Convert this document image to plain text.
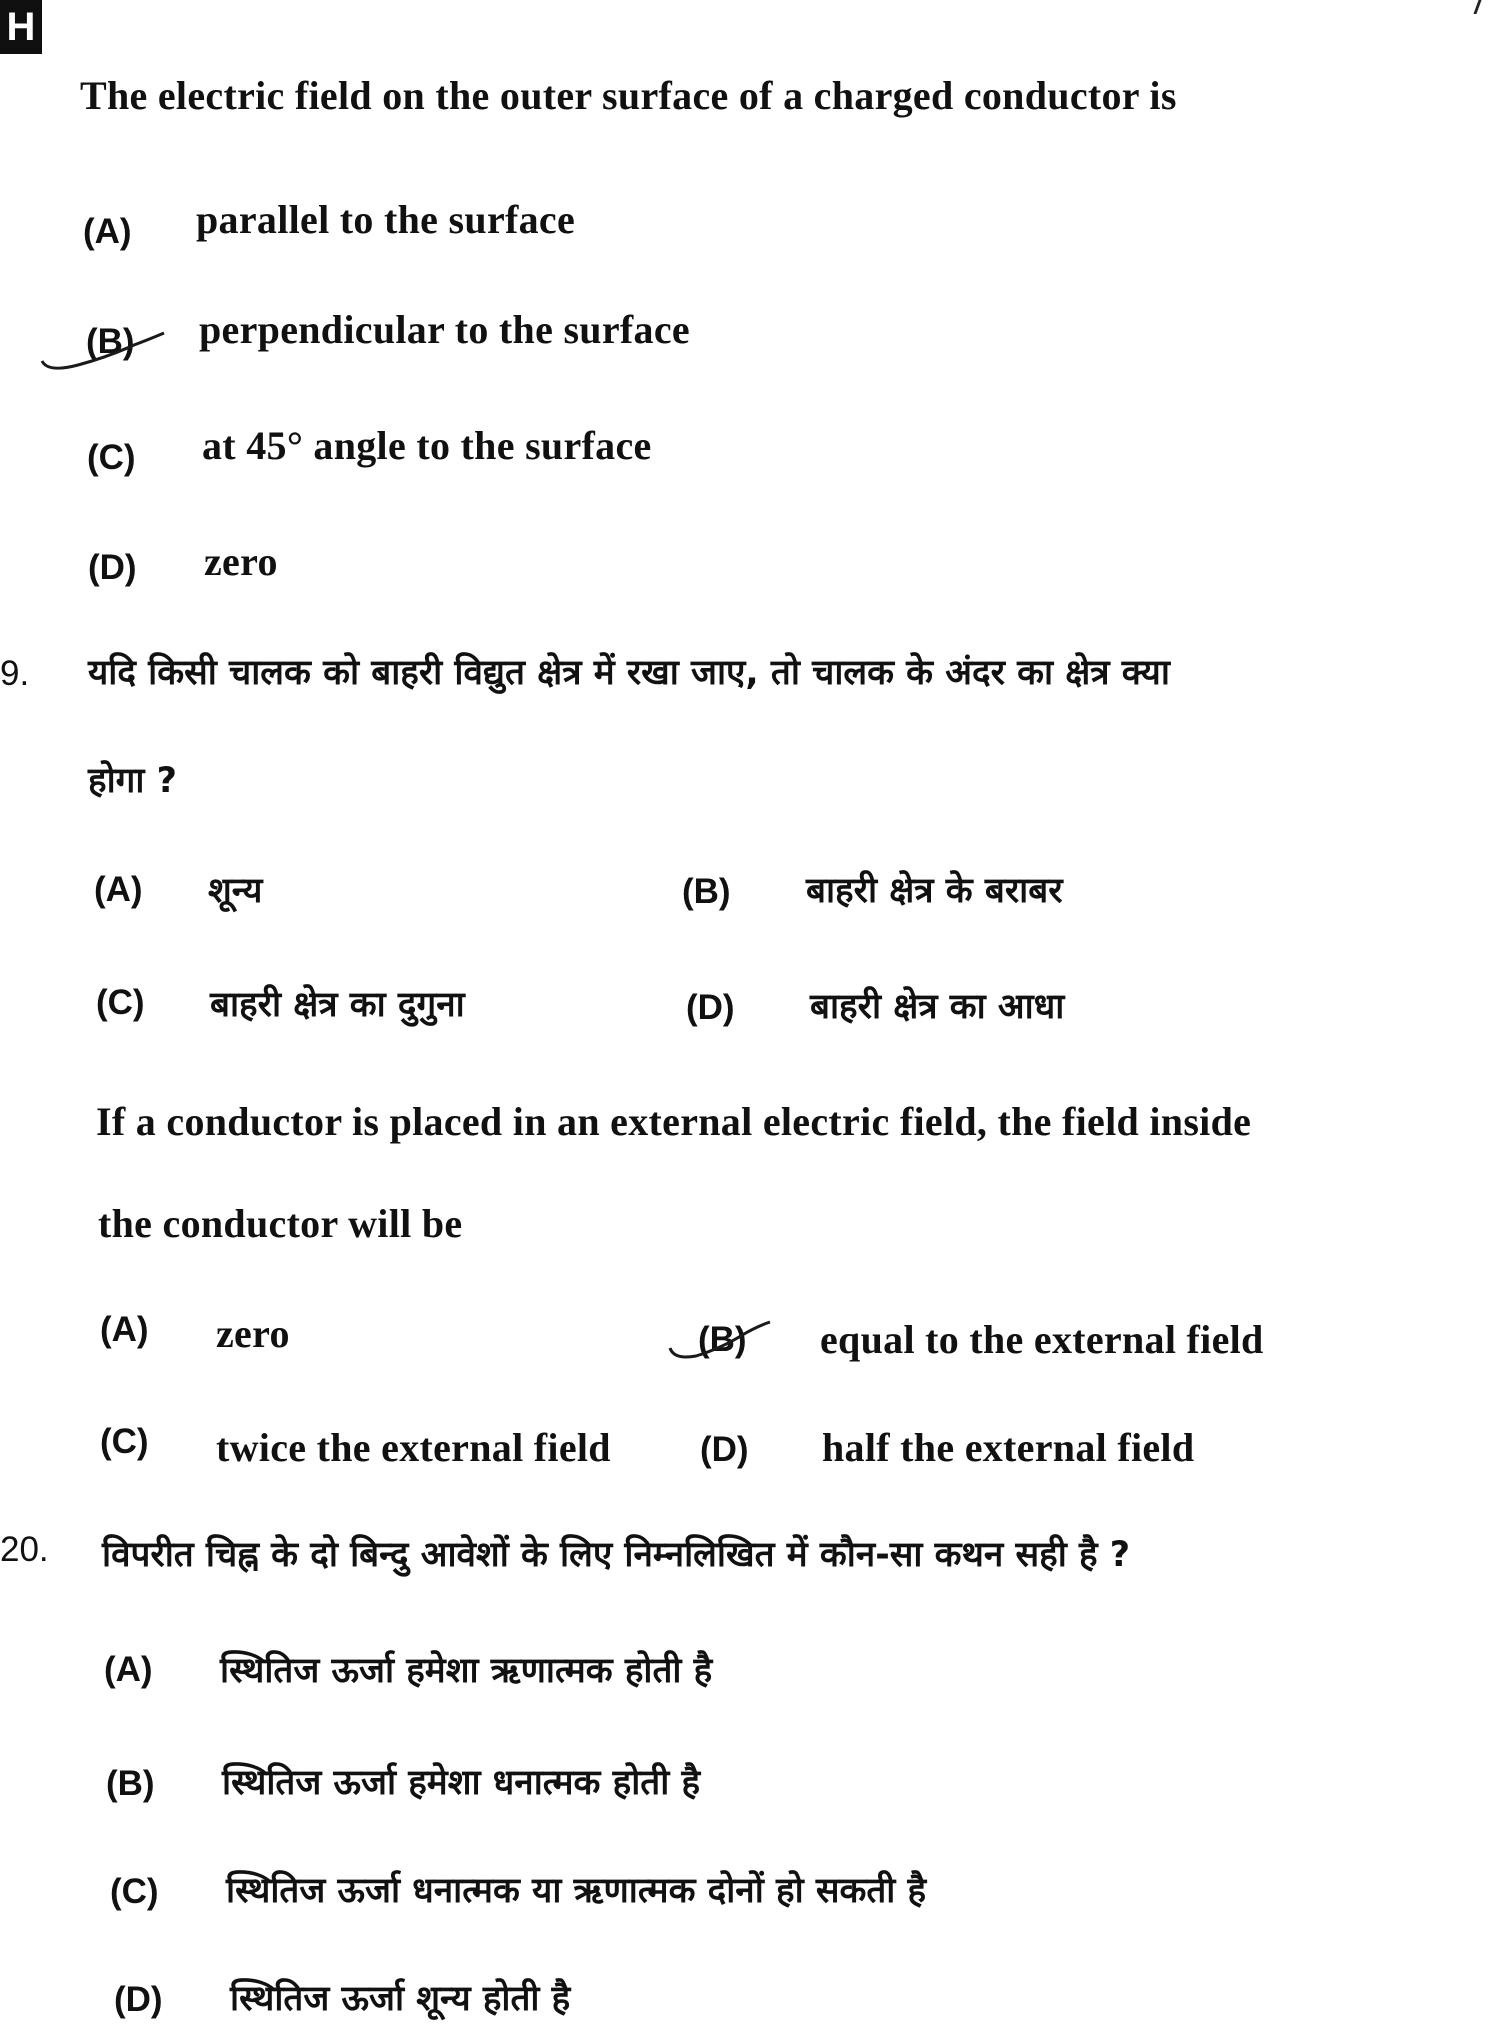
H
The electric field on the outer surface of a charged conductor is
(A) parallel to the surface
(B) perpendicular to the surface
(C) at 45° angle to the surface
(D) zero
9. यदि किसी चालक को बाहरी विद्युत क्षेत्र में रखा जाए, तो चालक के अंदर का क्षेत्र क्या
होगा ?
(A) शून्य	(B) बाहरी क्षेत्र के बराबर
(C) बाहरी क्षेत्र का दुगुना	(D) बाहरी क्षेत्र का आधा
If a conductor is placed in an external electric field, the field inside
the conductor will be
(A) zero	(B) equal to the external field
(C) twice the external field	(D) half the external field
20. विपरीत चिह्न के दो बिन्दु आवेशों के लिए निम्नलिखित में कौन-सा कथन सही है ?
(A) स्थितिज ऊर्जा हमेशा ऋणात्मक होती है
(B) स्थितिज ऊर्जा हमेशा धनात्मक होती है
(C) स्थितिज ऊर्जा धनात्मक या ऋणात्मक दोनों हो सकती है
(D) स्थितिज ऊर्जा शून्य होती है
